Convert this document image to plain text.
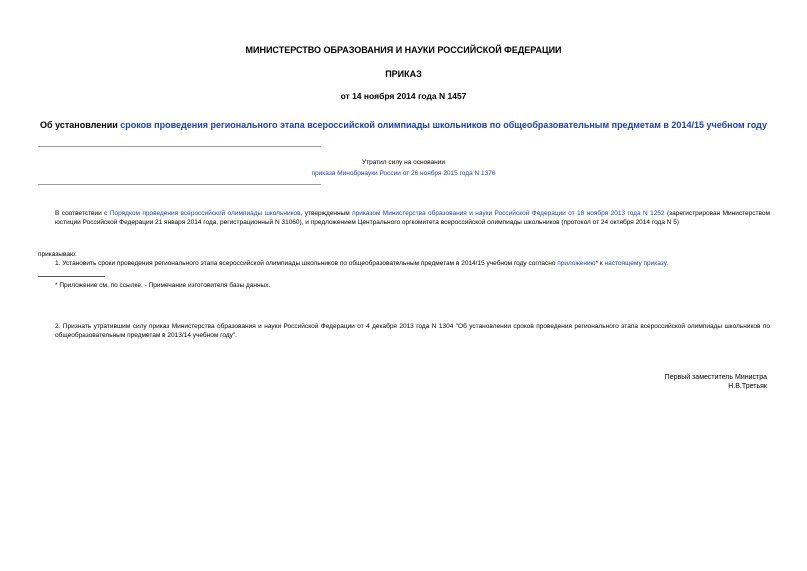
МИНИСТЕРСТВО ОБРАЗОВАНИЯ И НАУКИ РОССИЙСКОЙ ФЕДЕРАЦИИ
ПРИКАЗ
от 14 ноября 2014 года N 1457
Об установлении сроков проведения регионального этапа всероссийской олимпиады школьников по общеобразовательным предметам в 2014/15 учебном году
Утратил силу на основании
приказа Минобрнауки России от 26 ноября 2015 года N 1376
В соответствии с Порядком проведения всероссийской олимпиады школьников, утвержденным приказом Министерства образования и науки Российской Федерации от 18 ноября 2013 года N 1252 (зарегистрирован Министерством юстиции Российской Федерации 21 января 2014 года, регистрационный N 31060), и предложением Центрального оргкомитета всероссийской олимпиады школьников (протокол от 24 октября 2014 года N 5)
приказываю:
1. Установить сроки проведения регионального этапа всероссийской олимпиады школьников по общеобразовательным предметам в 2014/15 учебном году согласно приложению* к настоящему приказу.
* Приложение см. по ссылке. - Примечание изготовителя базы данных.
2. Признать утратившим силу приказ Министерства образования и науки Российской Федерации от 4 декабря 2013 года N 1304 "Об установлении сроков проведения регионального этапа всероссийской олимпиады школьников по общеобразовательным предметам в 2013/14 учебном году".
Первый заместитель Министра
Н.В.Третьяк
